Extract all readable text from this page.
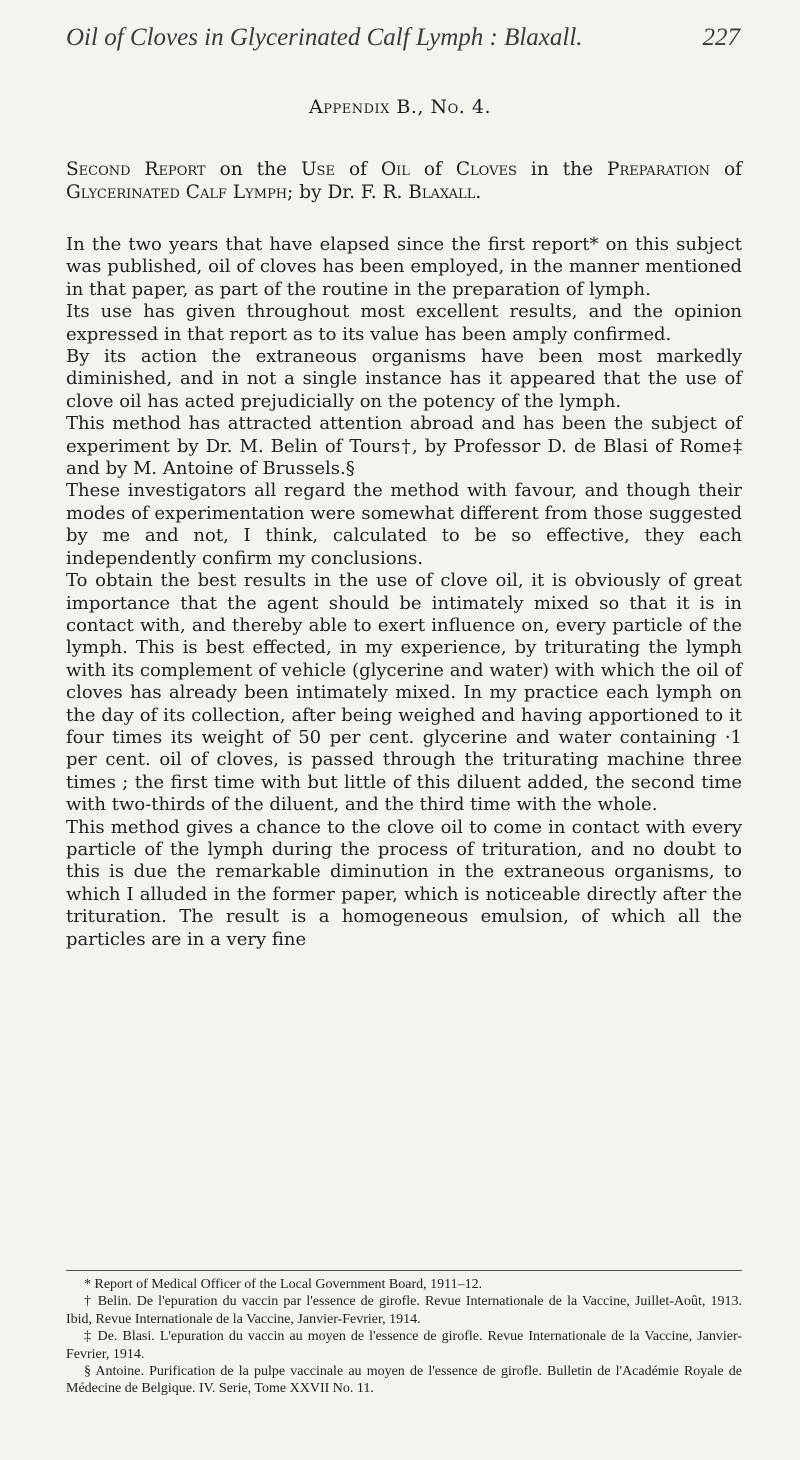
Oil of Cloves in Glycerinated Calf Lymph : Blaxall.	227
Appendix B., No. 4.
Second Report on the Use of Oil of Cloves in the Preparation of Glycerinated Calf Lymph; by Dr. F. R. Blaxall.

In the two years that have elapsed since the first report* on this subject was published, oil of cloves has been employed, in the manner mentioned in that paper, as part of the routine in the preparation of lymph.

Its use has given throughout most excellent results, and the opinion expressed in that report as to its value has been amply confirmed.

By its action the extraneous organisms have been most markedly diminished, and in not a single instance has it appeared that the use of clove oil has acted prejudicially on the potency of the lymph.

This method has attracted attention abroad and has been the subject of experiment by Dr. M. Belin of Tours†, by Professor D. de Blasi of Rome‡ and by M. Antoine of Brussels.§

These investigators all regard the method with favour, and though their modes of experimentation were somewhat different from those suggested by me and not, I think, calculated to be so effective, they each independently confirm my conclusions.

To obtain the best results in the use of clove oil, it is obviously of great importance that the agent should be intimately mixed so that it is in contact with, and thereby able to exert influence on, every particle of the lymph. This is best effected, in my experience, by triturating the lymph with its complement of vehicle (glycerine and water) with which the oil of cloves has already been intimately mixed. In my practice each lymph on the day of its collection, after being weighed and having apportioned to it four times its weight of 50 per cent. glycerine and water containing ·1 per cent. oil of cloves, is passed through the triturating machine three times ; the first time with but little of this diluent added, the second time with two-thirds of the diluent, and the third time with the whole.

This method gives a chance to the clove oil to come in contact with every particle of the lymph during the process of trituration, and no doubt to this is due the remarkable diminution in the extraneous organisms, to which I alluded in the former paper, which is noticeable directly after the trituration. The result is a homogeneous emulsion, of which all the particles are in a very fine

* Report of Medical Officer of the Local Government Board, 1911–12.

† Belin. De l'epuration du vaccin par l'essence de girofle. Revue Internationale de la Vaccine, Juillet-Août, 1913. Ibid, Revue Internationale de la Vaccine, Janvier-Fevrier, 1914.

‡ De. Blasi. L'epuration du vaccin au moyen de l'essence de girofle. Revue Internationale de la Vaccine, Janvier-Fevrier, 1914.

§ Antoine. Purification de la pulpe vaccinale au moyen de l'essence de girofle. Bulletin de l'Académie Royale de Médecine de Belgique. IV. Serie, Tome XXVII No. 11.
